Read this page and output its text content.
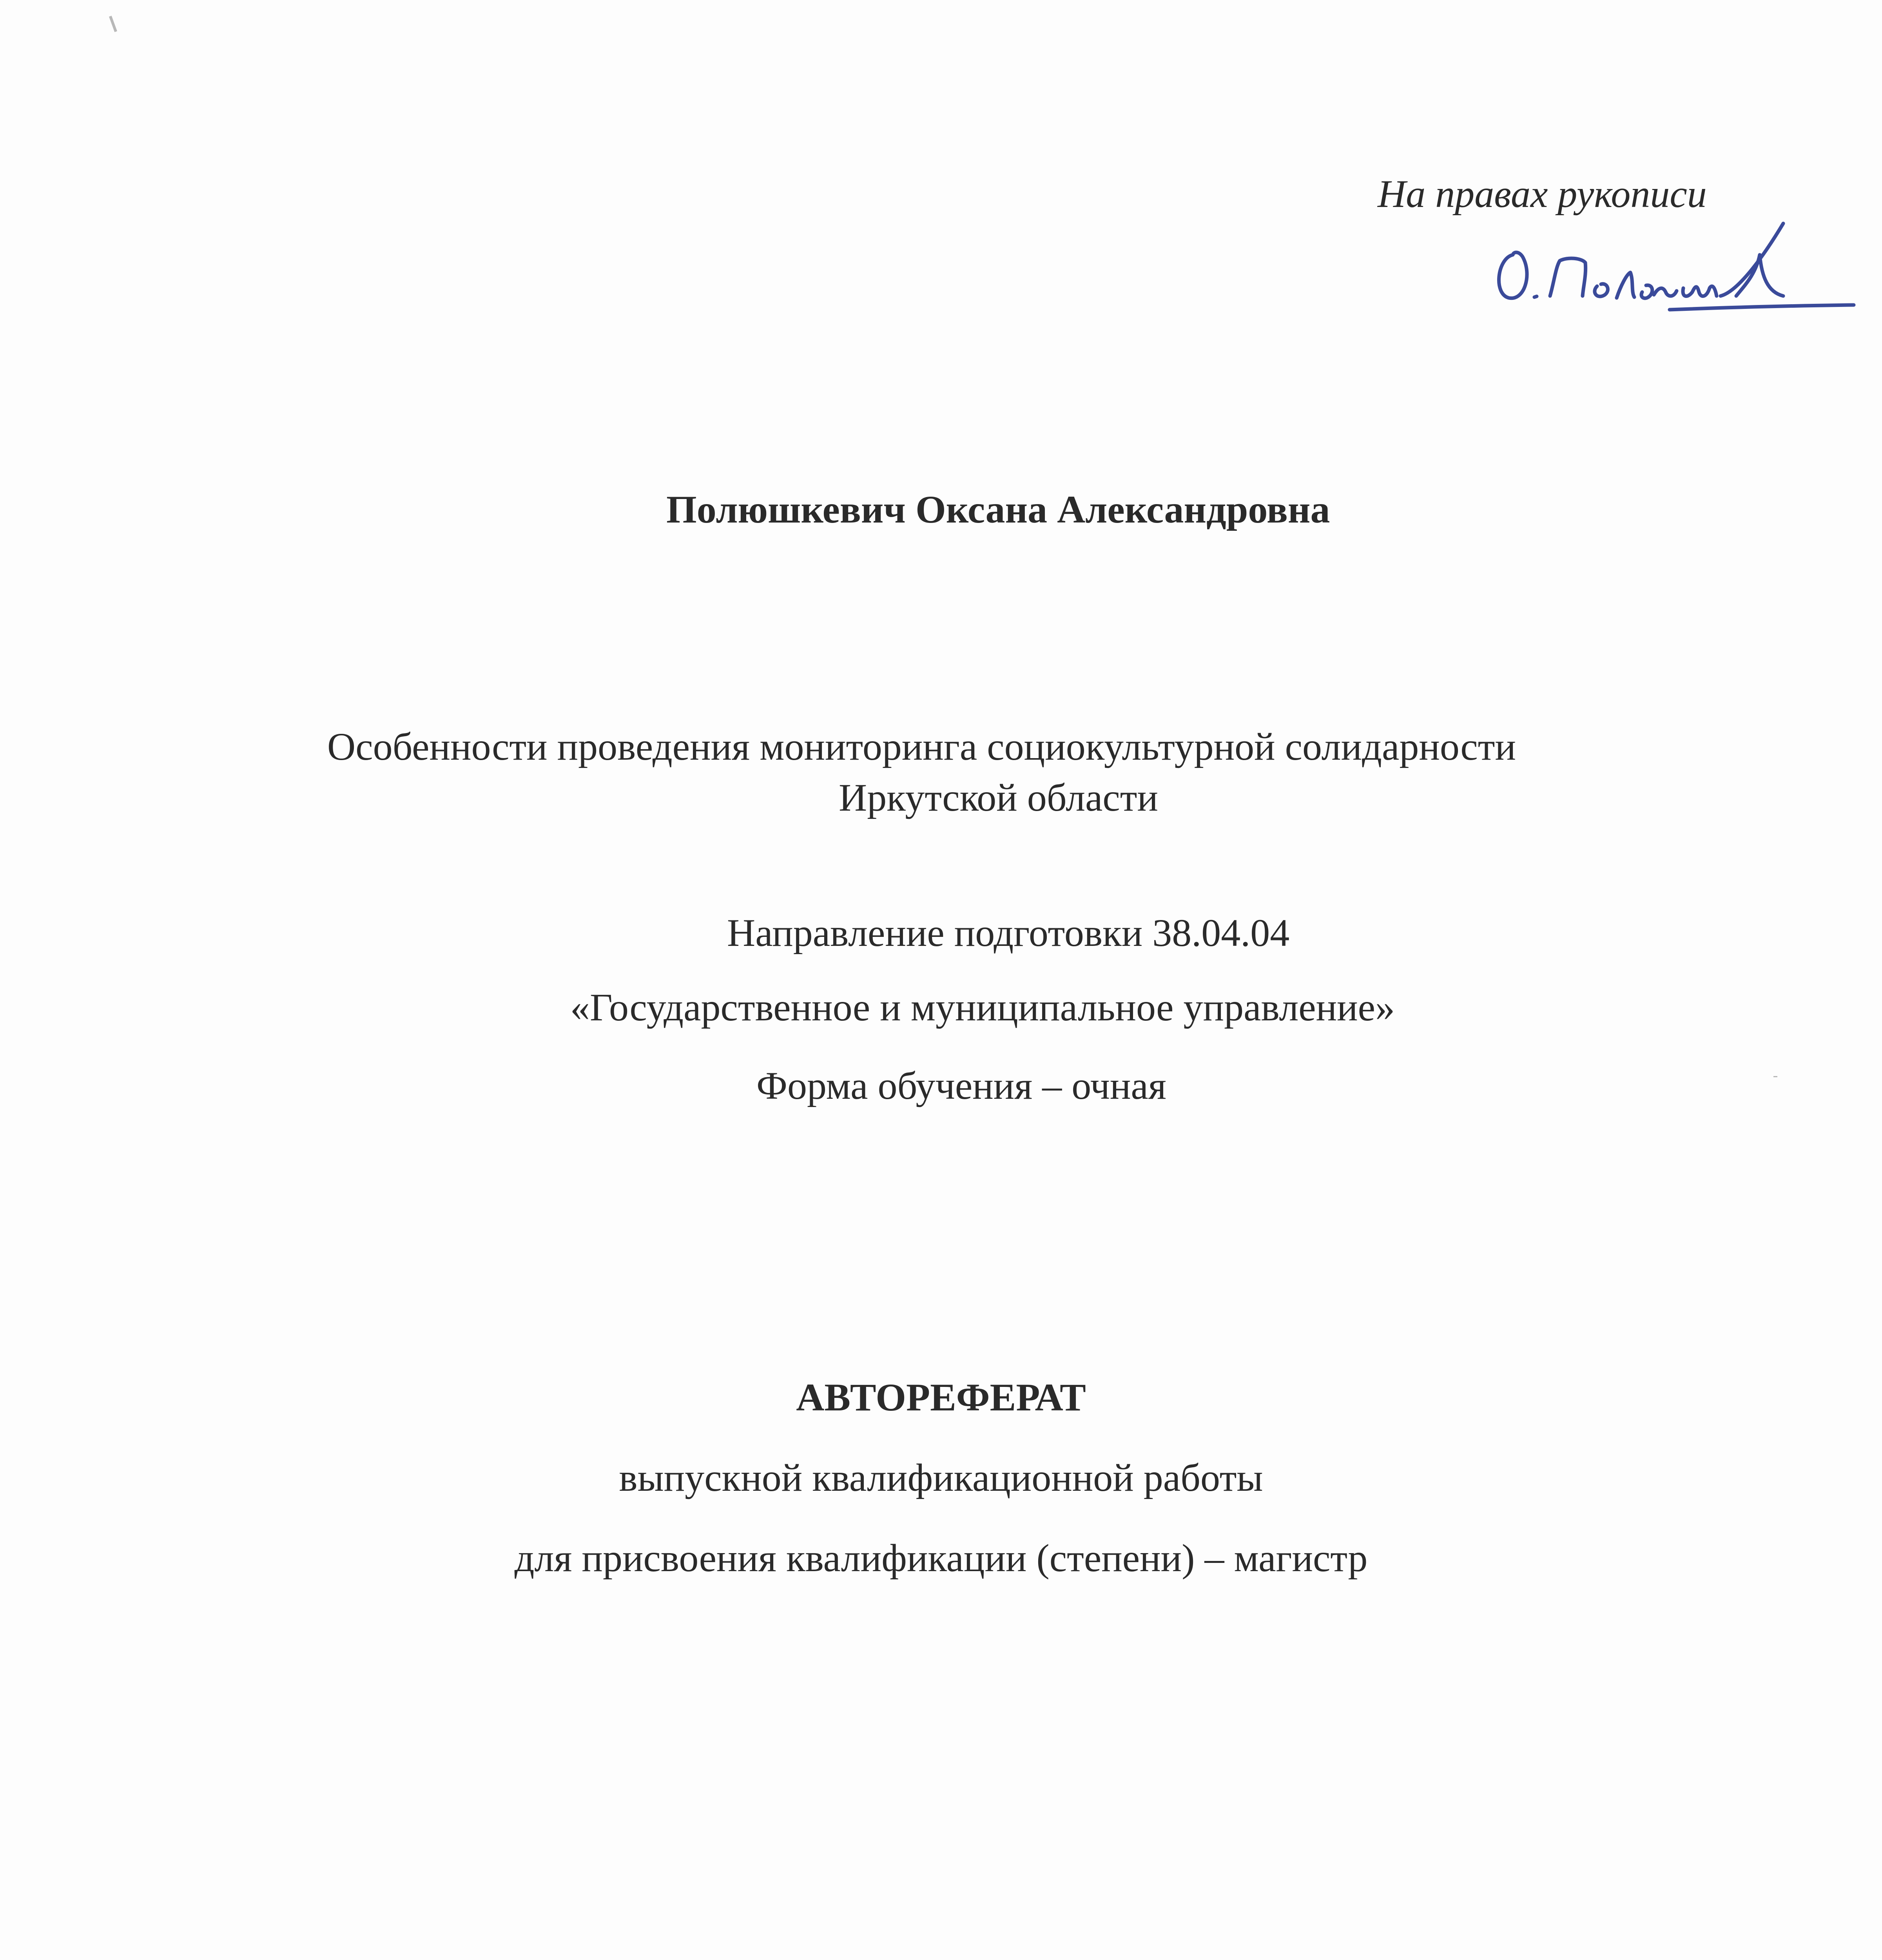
На правах рукописи
Полюшкевич Оксана Александровна
Особенности проведения мониторинга социокультурной солидарности
Иркутской области
Направление подготовки 38.04.04
«Государственное и муниципальное управление»
Форма обучения – очная
АВТОРЕФЕРАТ
выпускной квалификационной работы
для присвоения квалификации (степени) – магистр
